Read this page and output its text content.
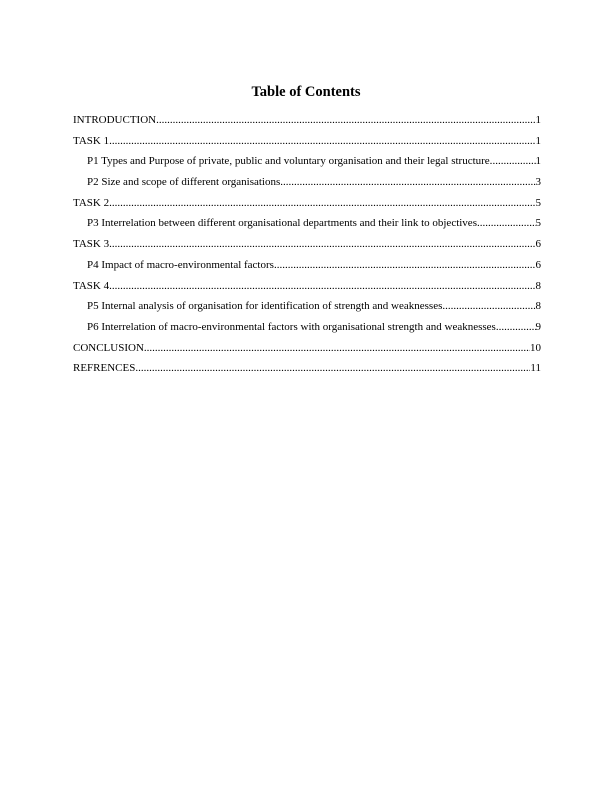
Table of Contents
INTRODUCTION .....	1
TASK 1 .....	1
P1 Types and Purpose of private, public and voluntary organisation and their legal structure. .....	1
P2 Size and scope of different organisations .....	3
TASK 2 .....	5
P3 Interrelation between different organisational departments and their link to objectives .....	5
TASK 3 .....	6
P4 Impact of macro-environmental factors .....	6
TASK 4 .....	8
P5 Internal analysis of organisation for identification of strength and weaknesses .....	8
P6 Interrelation of macro-environmental factors with organisational strength and weaknesses .....	9
CONCLUSION .....	10
REFRENCES .....	11
